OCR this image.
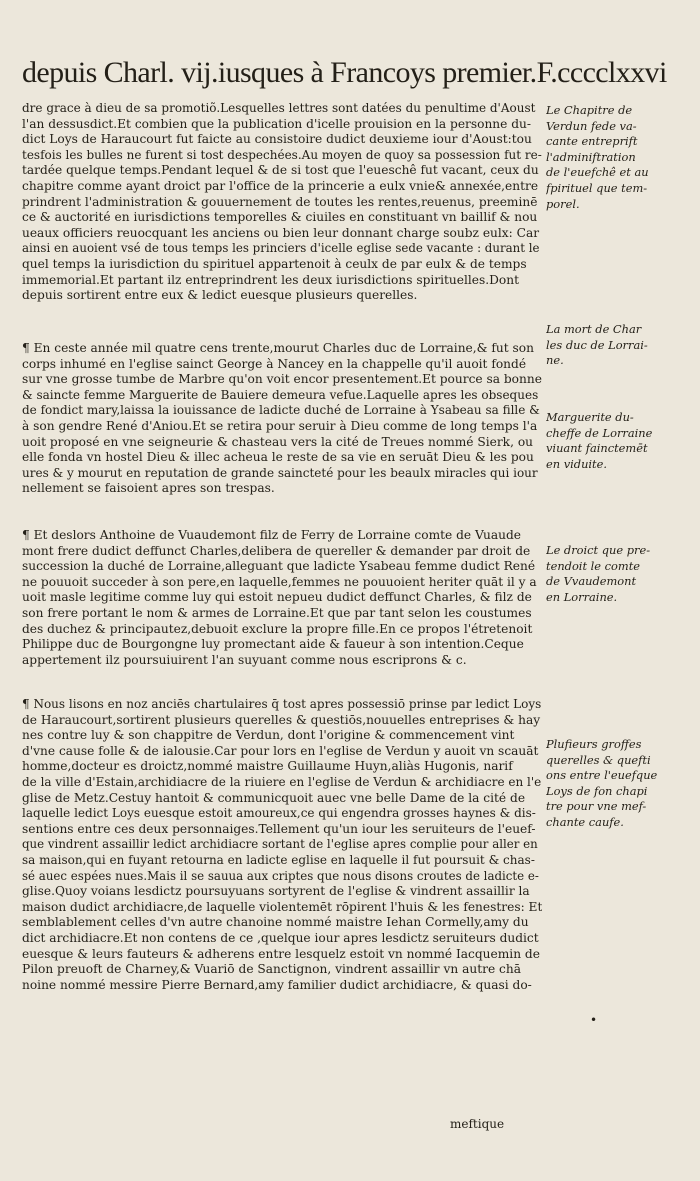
depuis Charl. vij.iusques à Francoys premier.F.cccclxxvi

dre grace à dieu de sa promotiõ.Lesquelles lettres sont datées du penultime d'Aoust

l'an dessusdict.Et combien que la publication d'icelle prouision en la personne du-

dict Loys de Haraucourt fut faicte au consistoire dudict deuxieme iour d'Aoust:tou

tesfois les bulles ne furent si tost despechées.Au moyen de quoy sa possession fut re-

tardée quelque temps.Pendant lequel & de si tost que l'eueschê fut vacant, ceux du

chapitre comme ayant droict par l'office de la princerie a eulx vnie& annexée,entre

prindrent l'administration & gouuernement de toutes les rentes,reuenus, preeminē

ce & auctorité en iurisdictions temporelles & ciuiles en constituant vn baillif & nou

ueaux officiers reuocquant les anciens ou bien leur donnant charge soubz eulx: Car

ainsi en auoient vsé de tous temps les princiers d'icelle eglise sede vacante : durant le

quel temps la iurisdiction du spirituel appartenoit à ceulx de par eulx & de temps

immemorial.Et partant ilz entreprindrent les deux iurisdictions spirituelles.Dont

depuis sortirent entre eux & ledict euesque plusieurs querelles.

¶ En ceste année mil quatre cens trente,mourut Charles duc de Lorraine,& fut son

corps inhumé en l'eglise sainct George à Nancey en la chappelle qu'il auoit fondé

sur vne grosse tumbe de Marbre qu'on voit encor presentement.Et pource sa bonne

& saincte femme Marguerite de Bauiere demeura vefue.Laquelle apres les obseques

de fondict mary,laissa la iouissance de ladicte duché de Lorraine à Ysabeau sa fille &

à son gendre René d'Aniou.Et se retira pour seruir à Dieu comme de long temps l'a

uoit proposé en vne seigneurie & chasteau vers la cité de Treues nommé Sierk, ou

elle fonda vn hostel Dieu & illec acheua le reste de sa vie en seruāt Dieu & les pou

ures & y mourut en reputation de grande saincteté pour les beaulx miracles qui iour

nellement se faisoient apres son trespas.

¶ Et deslors Anthoine de Vuaudemont filz de Ferry de Lorraine comte de Vuaude

mont frere dudict deffunct Charles,delibera de quereller & demander par droit de

succession la duché de Lorraine,alleguant que ladicte Ysabeau femme dudict René

ne pouuoit succeder à son pere,en laquelle,femmes ne pouuoient heriter quāt il y a

uoit masle legitime comme luy qui estoit nepueu dudict deffunct Charles, & filz de

son frere portant le nom & armes de Lorraine.Et que par tant selon les coustumes

des duchez & principautez,debuoit exclure la propre fille.En ce propos l'étretenoit

Philippe duc de Bourgongne luy promectant aide & faueur à son intention.Ceque

appertement ilz poursuiuirent l'an suyuant comme nous escriprons & c.

¶ Nous lisons en noz anciēs chartulaires q̄ tost apres possessiō prinse par ledict Loys

de Haraucourt,sortirent plusieurs querelles & questiōs,nouuelles entreprises & hay

nes contre luy & son chappitre de Verdun, dont l'origine & commencement vint

d'vne cause folle & de ialousie.Car pour lors en l'eglise de Verdun y auoit vn scauāt

homme,docteur es droictz,nommé maistre Guillaume Huyn,aliàs Hugonis, narif

de la ville d'Estain,archidiacre de la riuiere en l'eglise de Verdun & archidiacre en l'e

glise de Metz.Cestuy hantoit & communicquoit auec vne belle Dame de la cité de

laquelle ledict Loys euesque estoit amoureux,ce qui engendra grosses haynes & dis-

sentions entre ces deux personnaiges.Tellement qu'un iour les seruiteurs de l'euef-

que vindrent assaillir ledict archidiacre sortant de l'eglise apres complie pour aller en

sa maison,qui en fuyant retourna en ladicte eglise en laquelle il fut poursuit & chas-

sé auec espées nues.Mais il se sauua aux criptes que nous disons croutes de ladicte e-

glise.Quoy voians lesdictz poursuyuans sortyrent de l'eglise & vindrent assaillir la

maison dudict archidiacre,de laquelle violentemēt rōpirent l'huis & les fenestres: Et

semblablement celles d'vn autre chanoine nommé maistre Iehan Cormelly,amy du

dict archidiacre.Et non contens de ce ,quelque iour apres lesdictz seruiteurs dudict

euesque & leurs fauteurs & adherens entre lesquelz estoit vn nommé Iacquemin de

Pilon preuoft de Charney,& Vuariō de Sanctignon, vindrent assaillir vn autre chā

noine nommé messire Pierre Bernard,amy familier dudict archidiacre, & quasi do-

Le Chapitre de
Verdun fede va-
cante entreprift
l'adminiftration
de l'euefchê et au
fpirituel que tem-
porel.
La mort de Char
les duc de Lorrai-
ne.
Marguerite du-
cheffe de Lorraine
viuant fainctemēt
en viduite.
Le droict que pre-
tendoit le comte
de Vvaudemont
en Lorraine.
Plufieurs groffes
querelles & quefti
ons entre l'euefque
Loys de fon chapi
tre pour vne mef-
chante caufe.
•
meftique
